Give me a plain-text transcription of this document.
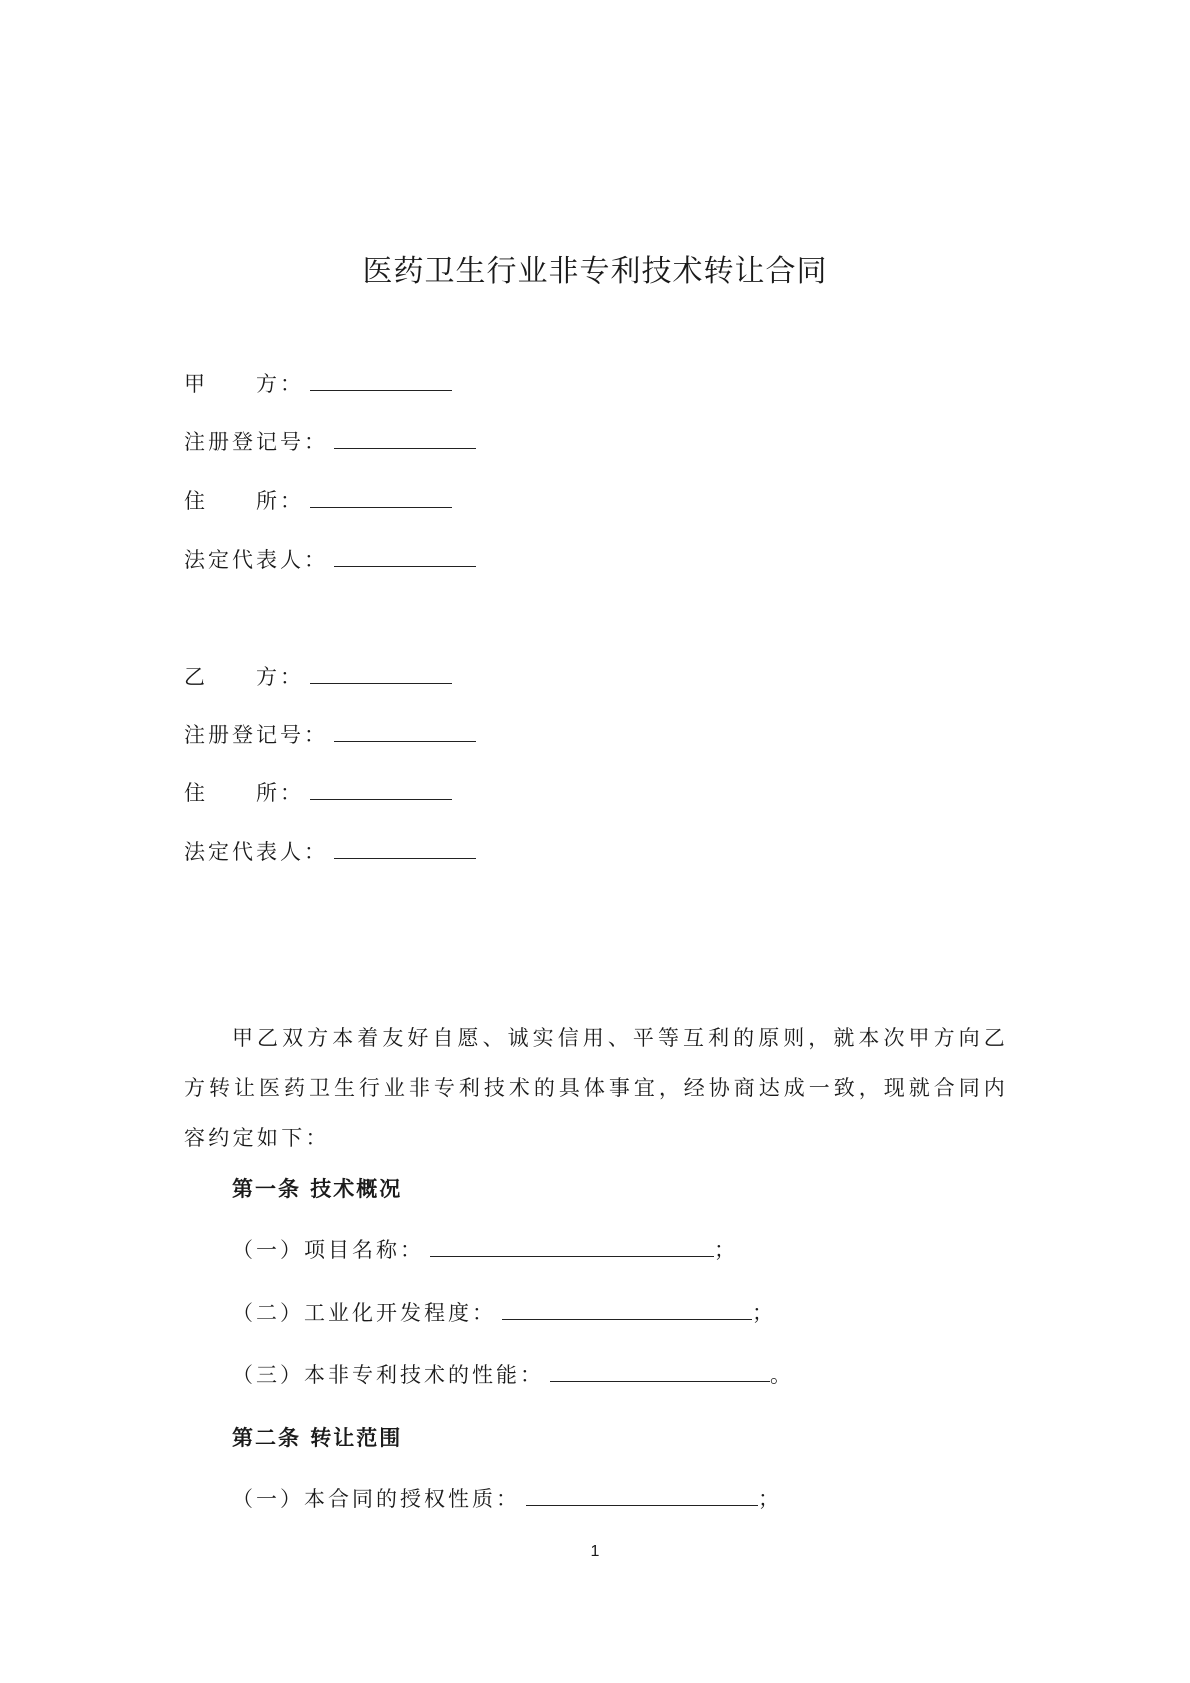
医药卫生行业非专利技术转让合同
甲 方：
注册登记号：
住 所：
法定代表人：
乙 方：
注册登记号：
住 所：
法定代表人：
甲乙双方本着友好自愿、诚实信用、平等互利的原则，就本次甲方向乙方转让医药卫生行业非专利技术的具体事宜，经协商达成一致，现就合同内容约定如下：
第一条 技术概况
（一）项目名称：	；
（二）工业化开发程度：	；
（三）本非专利技术的性能：	。
第二条 转让范围
（一）本合同的授权性质：	；
1
